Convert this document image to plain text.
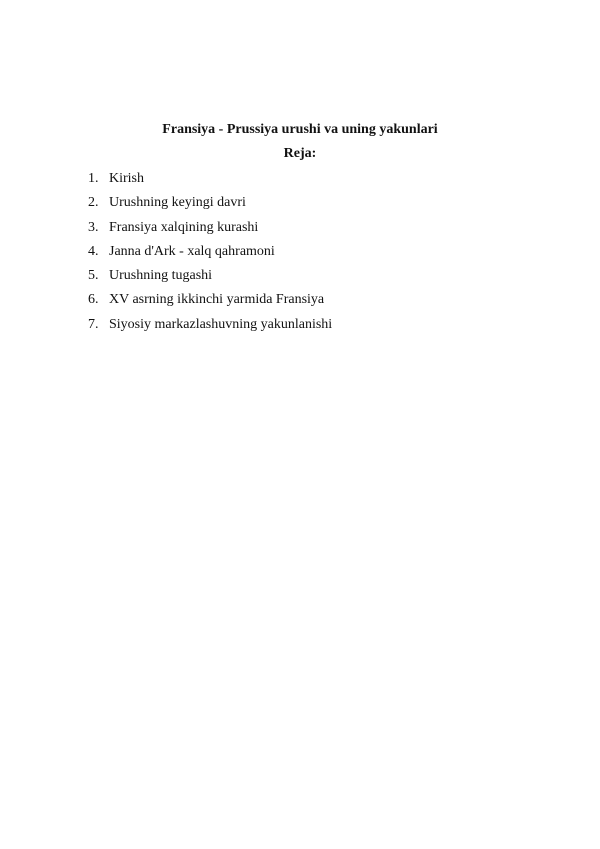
Fransiya - Prussiya urushi va uning yakunlari
Reja:
1. Kirish
2. Urushning keyingi davri
3. Fransiya xalqining kurashi
4. Janna d'Ark - xalq qahramoni
5. Urushning tugashi
6. XV asrning ikkinchi yarmida Fransiya
7. Siyosiy markazlashuvning yakunlanishi
